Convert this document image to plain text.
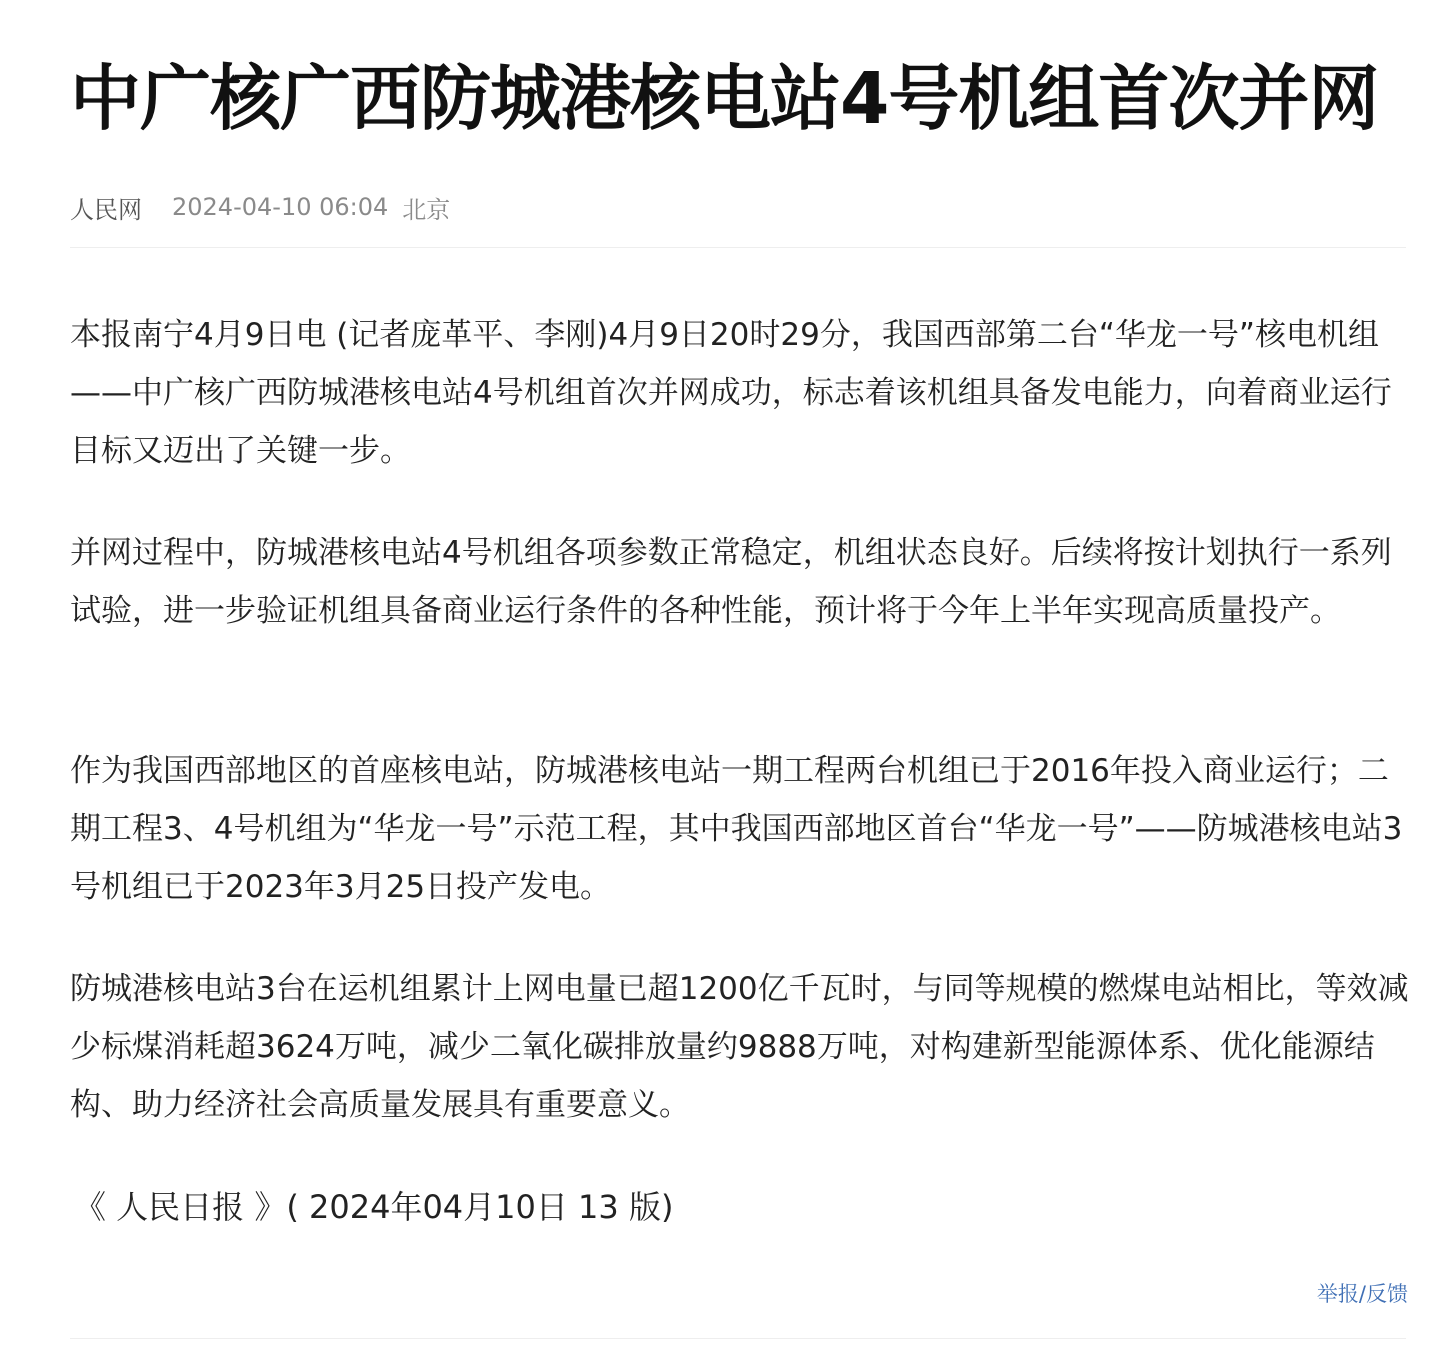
中广核广西防城港核电站4号机组首次并网
人民网 2024-04-10 06:04 北京

本报南宁4月9日电 (记者庞革平、李刚)4月9日20时29分，我国西部第二台“华龙一号”核电机组——中广核广西防城港核电站4号机组首次并网成功，标志着该机组具备发电能力，向着商业运行目标又迈出了关键一步。

并网过程中，防城港核电站4号机组各项参数正常稳定，机组状态良好。后续将按计划执行一系列试验，进一步验证机组具备商业运行条件的各种性能，预计将于今年上半年实现高质量投产。

作为我国西部地区的首座核电站，防城港核电站一期工程两台机组已于2016年投入商业运行；二期工程3、4号机组为“华龙一号”示范工程，其中我国西部地区首台“华龙一号”——防城港核电站3号机组已于2023年3月25日投产发电。

防城港核电站3台在运机组累计上网电量已超1200亿千瓦时，与同等规模的燃煤电站相比，等效减少标煤消耗超3624万吨，减少二氧化碳排放量约9888万吨，对构建新型能源体系、优化能源结构、助力经济社会高质量发展具有重要意义。

《 人民日报 》( 2024年04月10日 13 版)
举报/反馈
